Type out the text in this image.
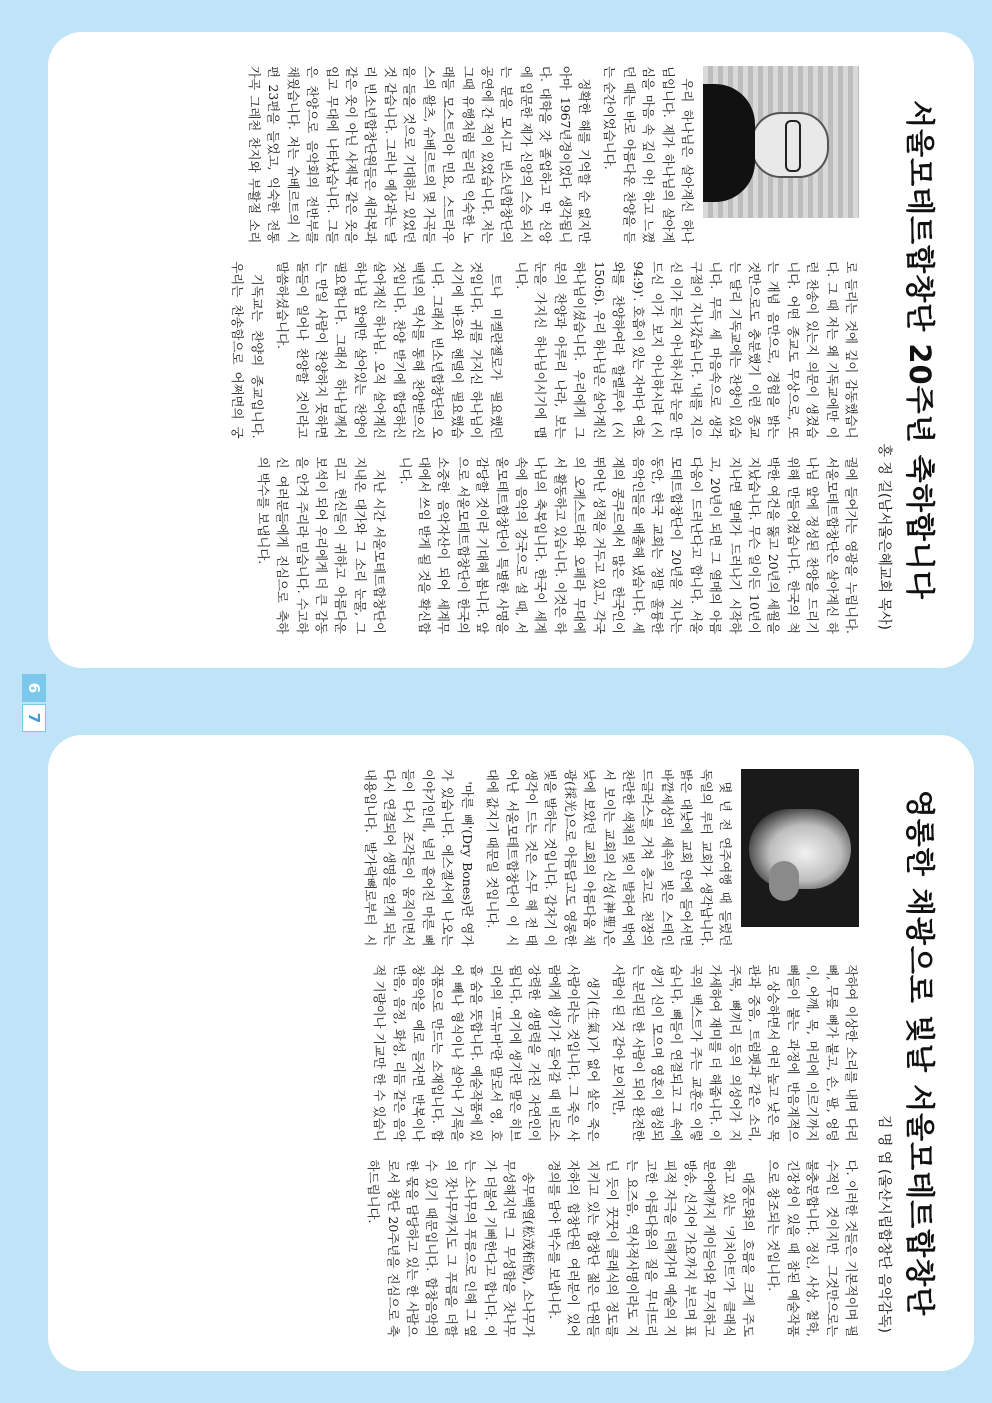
서울모테트합창단 20주년 축하합니다
홍 정 길(남서울은혜교회 목사)

우리 하나님은 살아계신 하나님입니다. 제가 하나님의 살아계심을 마음 속 깊이 아! 하고 느꼈던 때는 바로 아름다운 찬양을 듣는 순간이었습니다.

정확한 해를 기억할 순 없지만 아마 1967년경이었다 생각됩니다. 대학을 갓 졸업하고 막 신앙에 입문한 제가 신앙의 스승 되시는 분을 모시고 빈소년합창단의 공연에 간 적이 있었습니다. 저는 그때 유행처럼 들리던 익숙한 노래들 모스트리아 민요, 스트라우스의 왈츠, 슈베르트의 몇 가곡들을 들을 것으로 기대하고 있었던 것 같습니다. 그러나 예상과는 달리 빈소년합창단원들은 세라복과 같은 옷이 아닌 사제복 같은 옷을 입고 무대에 나타났습니다. 그들은 찬양으로 음악회의 전반부를 채웠습니다. 저는 슈베르트의 시편 23편을 들었고, 익숙한 전통가곡 그레천 찬지와 부활절 소리로 들리는 것에 깊이 감동했습니다. 그 때 저는 왜 기독교에만 이런 찬송이 있는지 의문이 생겼습니다. 어떤 종교도 무상으로, 또는 개념 음만으로, 경험을 밝는 것만으로도 충분했기 이런 종교는 달리 기독교에는 찬양이 있습니다. 무득 세 마음속으로 생각 구절이 지나갔습니다. '내를 지으신 이가 듣지 아니하시랴 눈을 만드신 이가 보지 아니하시랴 (시 94:9)'. 호흡이 있는 자마다 여호와를 찬양하여라 할렐루야 (시 150:6). 우리 하나님은 살아계신 하나님이셨습니다. 우리에게 그분의 찬양과 아루리 나라, 보는 눈을 가지신 하나님이시기에 맵니다.

트나 미켈란젤로가 필요했던 것입니다. 귀를 가지신 하나님이시기에 바흐와 헨델이 필요했습니다. 그래서 빈소년합창단의 오백년의 역사를 통해 찬양받으신 것입니다. 찬양 받기에 합당하신 살아계신 하나님. 오직 살아계신 하나님 앞에만 살아있는 찬양이 필요합니다. 그래서 하나님께서는 만일 사람이 찬양하지 못하면 돌들이 일어나 찬양할 것이라고 말씀하셨습니다.

기독교는 찬양의 종교입니다. 우리는 찬송함으로 어쩌면의 궁궐에 들어가는 영광을 누립니다. 서울모테트합창단은 살아계신 하나님 앞에 정성된 찬양을 드리기 위해 만들어졌습니다. 한국의 척박한 여건을 뚫고 20년의 세월을 지났습니다. 무슨 일이든 10년이 지나면 열매가 드러나기 시작하고, 20년이 되면 그 열매의 아름다움이 드러난다고 합니다. 서울모테트합창단이 20년을 지나는 동안, 한국 교회는 정말 훌륭한 음악인들을 배출해 냈습니다. 세계의 콩쿠르에서 많은 한국인이 뛰어난 성적을 거두고 있고, 각국의 오케스트라와 오페라 무대에서 활동하고 있습니다. 이것은 하나님의 축복입니다. 한국이 세계 속에 음악의 강국으로 설 때, 서울모테트합창단이 특별한 사명을 감당할 것이라 기대해 봅니다. 앞으로 서울모테트합창단이 한국의 소중한 음악자산이 되어 세계무대에서 쓰임 받게 될 것을 확신합니다.

지난 시간 서울모테트합창단이 지내온 대가와 그 소리 눈물, 그리고 헌신들이 귀하고 아름다운 보석이 되어 우리에게 더 큰 감동을 안겨 주리라 믿습니다. 수고하신 여러분들에게 진심으로 축하의 박수를 보냅니다.

6
7
영롱한 채광으로 빛날 서울모테트합창단
김 명 엽 (울산시립합창단 음악감독)

몇 년 전 연주여행 때 들렀던 독일의 루터 교회가 생각납니다. 밝은 대낮에 교회 안에 들어서면 바깥세상의 세속의 빛은 스테인드글라스를 거쳐 층고로 천장의 찬란한 색채의 빛이 발하여 밖에서 보이는 교회의 신성(神聖)은 낮에 보았던 교회의 아름다움 채광(採光)으로 아름답고도 영롱한 빛을 발하는 것입니다. 갑자기 이 생각이 드는 것은 스무 해 전 태어난 서울모테트합창단이 이 시대에 값지기 때문일 것입니다.

'마른 뼈'(Dry Bones)란 영가가 있습니다. 에스겔서에 나오는 이야기인데, 널리 흩어진 마른 뼈들이 다시 조각들이 움직이면서 다시 연결되어 생명을 얻게 되는 내용입니다. 발가락뼈로부터 시작하여 이상한 소리를 내며 다리 뼈, 무릎 뼈가 붙고, 손, 팔, 엉덩이, 어깨, 목, 머리에 이르기까지 뼈들이 붙는 과정에 반음계적으로 상승하면서 여러 높고 낮은 목관과 중음, 트럼펫과 같은 소리, 주목, 뼈끼리 등의 의성어가 지 가세하여 재미를 더 해줍니다. 이 곡의 백스트가 주는 교훈은 이렇습니다. 뼈들이 연결되고 그 속에 생기 신이 모으며 영혼이 형성되는 분리된 한 사람이 되어 완전한 사람이 된 것 같아 보이지만,

생기(生氣)가 없어 살은 죽은 사람이라는 것입니다. 그 죽은 사람에게 생기가 들어갈 때 비로소 강력한 생명력을 가진 자연인이 됩니다. 여기에 생기란 말은 히브리어의 '프뉴마'란 말로서 영, 호흡 숨을 뜻합니다. 예술작품에 있어 빼나 형식이나 살아나 기록을 작품으로 만드는 소재입니다. 합창음악을 예로 들자면 반복이나 반음, 음정, 화성, 리듬 같은 음악적 기량이나 기교만 한 수 있습니다. 이러한 것들은 기본적이며 필수적인 것이지만 그것만으로는 불충분합니다. 정신, 사상, 철학, 긴장성이 있을 때 참된 예술작품으로 창조되는 것입니다.

대중문화의 흐름을 크게 주도하고 있는 '키치아트'가 클래식 분야에까지 게이들어와 무지하고 방송, 신지어 가요까지 부르며 표피적 자극을 더해가며 예술의 지고한 아름다움의 질을 무너뜨리는 요즈음, 역사적사명이라도 지닌 듯이 꿋꿋이 클래식의 정도를 지키고 있는 합창단 젊은 단원들 자하의 합창단원 여러분이 있어 경의를 담아 박수를 보냅니다.

송무백열(松茂栢悅), 소나무가 무성해지면 그 무성함을 잣나무가 더불어 기뻐한다고 합니다. 이는 소나무의 푸름으로 인해 그 옆의 잣나무까지도 그 푸름을 더할 수 있기 때문입니다. 합창음악의 한 몫을 담당하고 있는 한 사람으로서 창단 20주년을 진심으로 축하드립니다.
